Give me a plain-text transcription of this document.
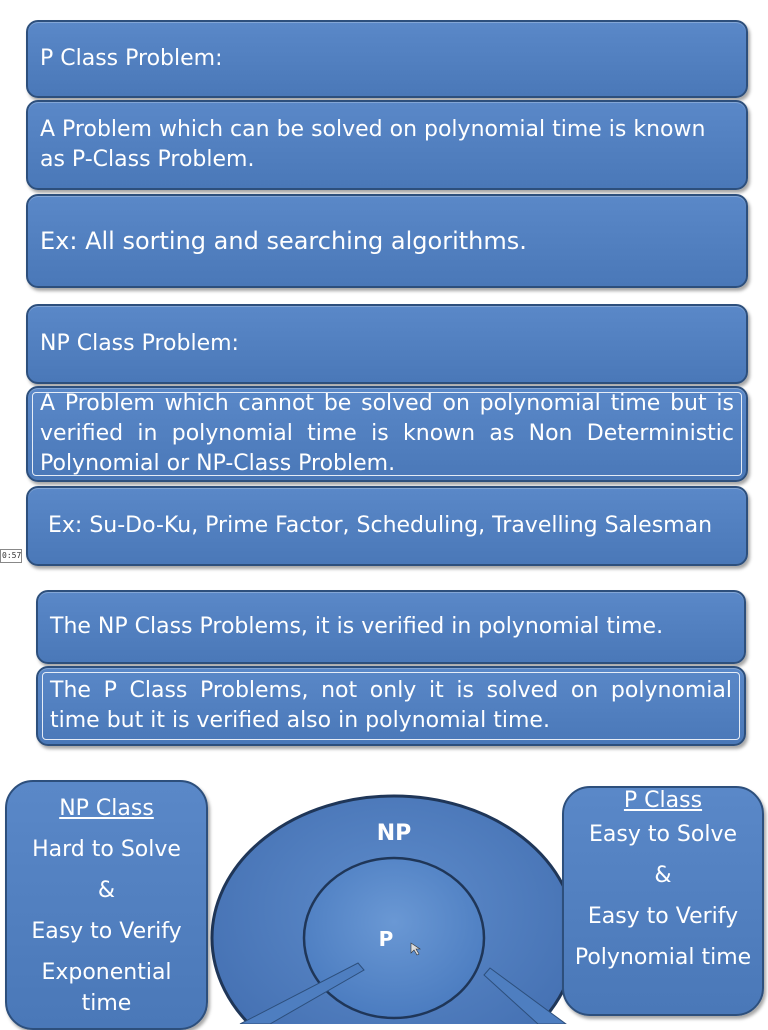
P Class Problem:
A Problem which can be solved on polynomial time is known as P-Class Problem.
Ex: All sorting and searching algorithms.
NP Class Problem:
A Problem which cannot be solved on polynomial time but is verified in polynomial time is known as Non Deterministic Polynomial or NP-Class Problem.
Ex: Su-Do-Ku, Prime Factor, Scheduling, Travelling Salesman
0:57
The NP Class Problems, it is verified in polynomial time.
The P Class Problems, not only it is solved on polynomial time but it is verified also in polynomial time.
NP
P
NP Class
Hard to Solve
&
Easy to Verify
Exponential
time
P Class
Easy to Solve
&
Easy to Verify
Polynomial time
